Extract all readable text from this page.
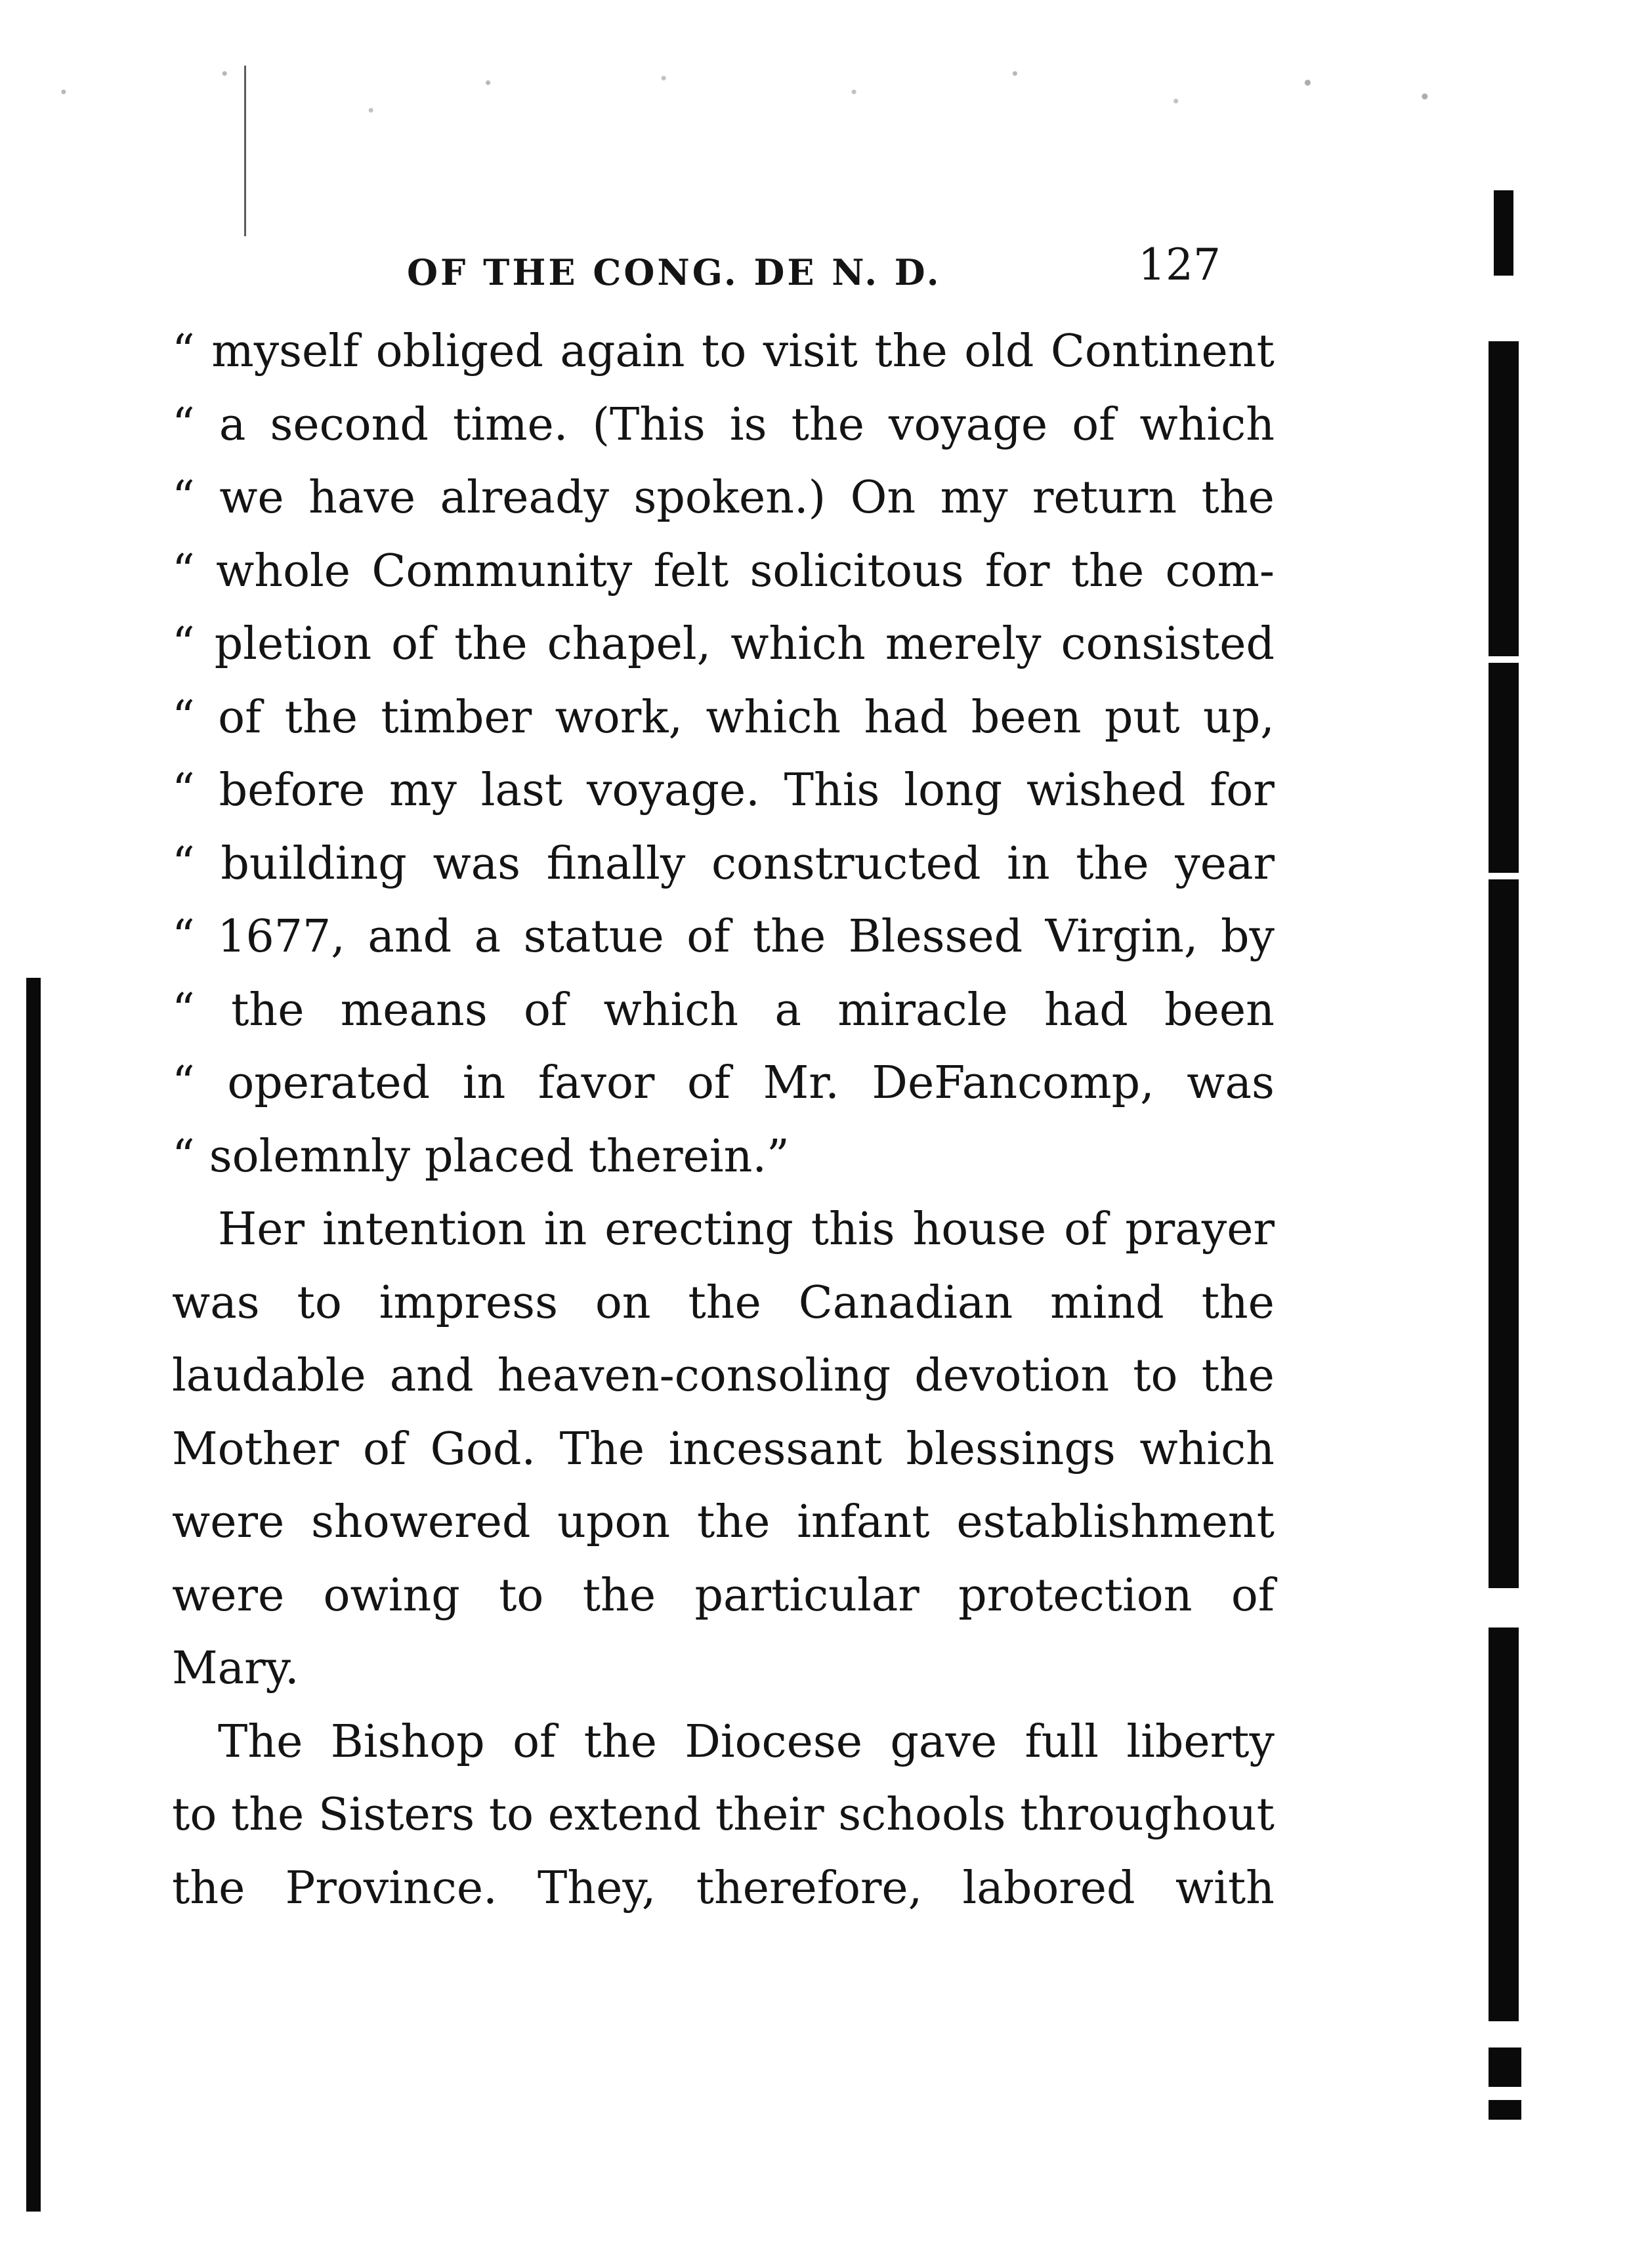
OF THE CONG. DE N. D.	127
“ myself obliged again to visit the old Continent
“ a second time. (This is the voyage of which
“ we have already spoken.) On my return the
“ whole Community felt solicitous for the com-
“ pletion of the chapel, which merely consisted
“ of the timber work, which had been put up,
“ before my last voyage. This long wished for
“ building was finally constructed in the year
“ 1677, and a statue of the Blessed Virgin, by
“ the means of which a miracle had been
“ operated in favor of Mr. DeFancomp, was
“ solemnly placed therein.”
Her intention in erecting this house of prayer
was to impress on the Canadian mind the
laudable and heaven-consoling devotion to the
Mother of God. The incessant blessings which
were showered upon the infant establishment
were owing to the particular protection of
Mary.
The Bishop of the Diocese gave full liberty
to the Sisters to extend their schools throughout
the Province. They, therefore, labored with
